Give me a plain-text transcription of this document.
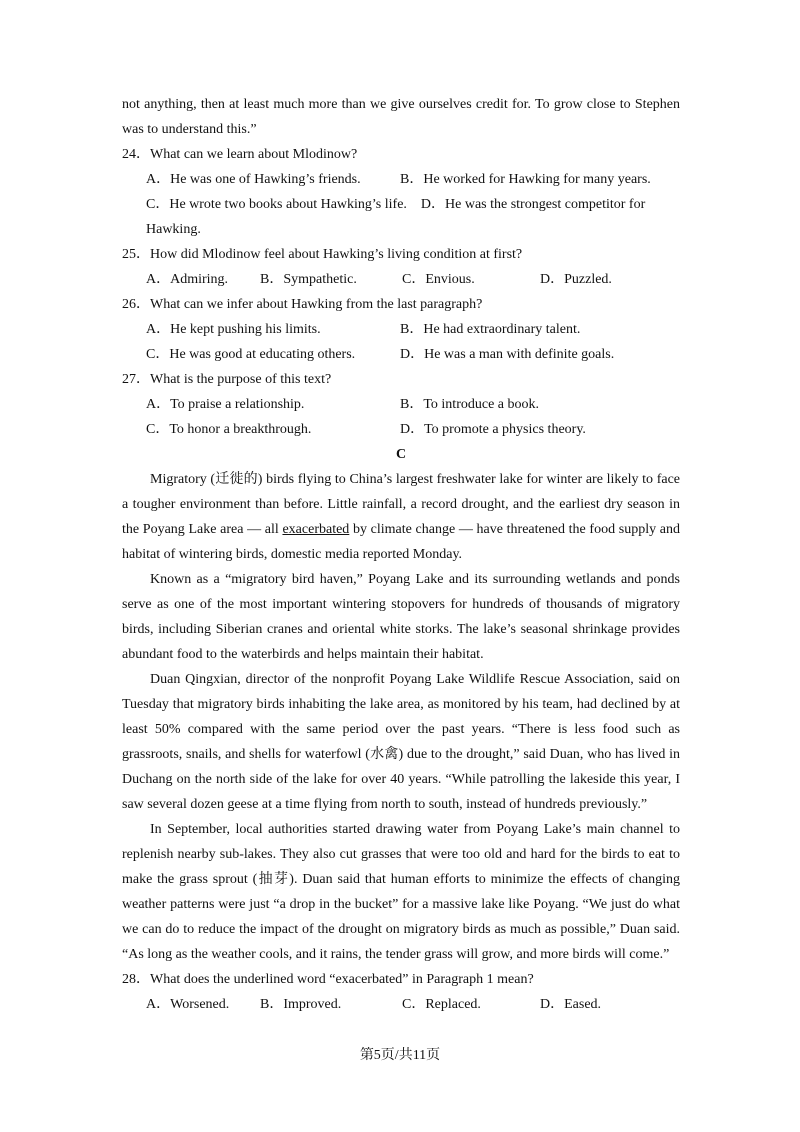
not anything, then at least much more than we give ourselves credit for. To grow close to Stephen was to understand this.”

24．What can we learn about Mlodinow?

A．He was one of Hawking’s friends.	B．He worked for Hawking for many years.

C．He wrote two books about Hawking’s life.　D．He was the strongest competitor for Hawking.

25．How did Mlodinow feel about Hawking’s living condition at first?

A．Admiring.	B．Sympathetic.	C．Envious.	D．Puzzled.

26．What can we infer about Hawking from the last paragraph?

A．He kept pushing his limits.	B．He had extraordinary talent.
C．He was good at educating others.	D．He was a man with definite goals.

27．What is the purpose of this text?

A．To praise a relationship.	B．To introduce a book.
C．To honor a breakthrough.	D．To promote a physics theory.

C

Migratory (迁徙的) birds flying to China’s largest freshwater lake for winter are likely to face a tougher environment than before. Little rainfall, a record drought, and the earliest dry season in the Poyang Lake area — all exacerbated by climate change — have threatened the food supply and habitat of wintering birds, domestic media reported Monday.

Known as a “migratory bird haven,” Poyang Lake and its surrounding wetlands and ponds serve as one of the most important wintering stopovers for hundreds of thousands of migratory birds, including Siberian cranes and oriental white storks. The lake’s seasonal shrinkage provides abundant food to the waterbirds and helps maintain their habitat.

Duan Qingxian, director of the nonprofit Poyang Lake Wildlife Rescue Association, said on Tuesday that migratory birds inhabiting the lake area, as monitored by his team, had declined by at least 50% compared with the same period over the past years. “There is less food such as grassroots, snails, and shells for waterfowl (水禽) due to the drought,” said Duan, who has lived in Duchang on the north side of the lake for over 40 years. “While patrolling the lakeside this year, I saw several dozen geese at a time flying from north to south, instead of hundreds previously.”

In September, local authorities started drawing water from Poyang Lake’s main channel to replenish nearby sub-lakes. They also cut grasses that were too old and hard for the birds to eat to make the grass sprout (抽芽). Duan said that human efforts to minimize the effects of changing weather patterns were just “a drop in the bucket” for a massive lake like Poyang. “We just do what we can do to reduce the impact of the drought on migratory birds as much as possible,” Duan said. “As long as the weather cools, and it rains, the tender grass will grow, and more birds will come.”

28．What does the underlined word “exacerbated” in Paragraph 1 mean?

A．Worsened.	B．Improved.	C．Replaced.	D．Eased.
第5页/共11页
